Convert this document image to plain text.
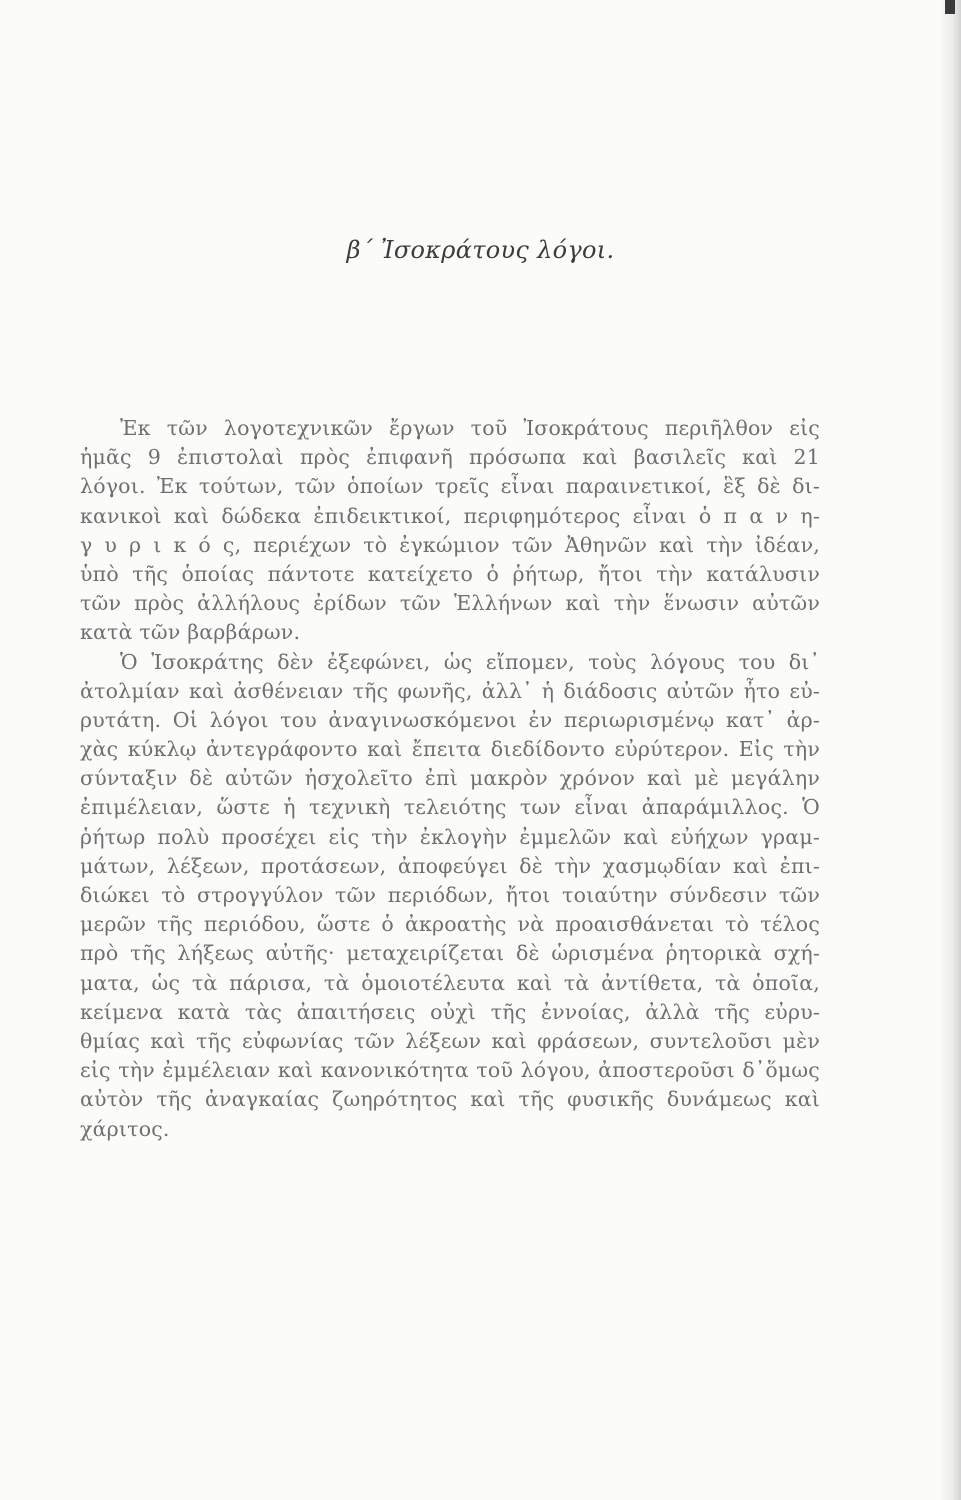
β΄ Ἰσοκράτους λόγοι.
Ἐκ τῶν λογοτεχνικῶν ἔργων τοῦ Ἰσοκράτους περιῆλθον εἰς
ἡμᾶς 9 ἐπιστολαὶ πρὸς ἐπιφανῆ πρόσωπα καὶ βασιλεῖς καὶ 21
λόγοι. Ἐκ τούτων, τῶν ὁποίων τρεῖς εἶναι παραινετικοί, ἓξ δὲ δι-
κανικοὶ καὶ δώδεκα ἐπιδεικτικοί, περιφημότερος εἶναι ὁ π α ν η-
γ υ ρ ι κ ό ς, περιέχων τὸ ἐγκώμιον τῶν Ἀθηνῶν καὶ τὴν ἰδέαν,
ὑπὸ τῆς ὁποίας πάντοτε κατείχετο ὁ ῥήτωρ, ἤτοι τὴν κατάλυσιν
τῶν πρὸς ἀλλήλους ἐρίδων τῶν Ἑλλήνων καὶ τὴν ἕνωσιν αὐτῶν
κατὰ τῶν βαρβάρων.
Ὁ Ἰσοκράτης δὲν ἐξεφώνει, ὡς εἴπομεν, τοὺς λόγους του δι᾽
ἀτολμίαν καὶ ἀσθένειαν τῆς φωνῆς, ἀλλ᾽ ἡ διάδοσις αὐτῶν ἦτο εὐ-
ρυτάτη. Οἱ λόγοι του ἀναγινωσκόμενοι ἐν περιωρισμένῳ κατ᾽ ἀρ-
χὰς κύκλῳ ἀντεγράφοντο καὶ ἔπειτα διεδίδοντο εὐρύτερον. Εἰς τὴν
σύνταξιν δὲ αὐτῶν ἠσχολεῖτο ἐπὶ μακρὸν χρόνον καὶ μὲ μεγάλην
ἐπιμέλειαν, ὥστε ἡ τεχνικὴ τελειότης των εἶναι ἀπαράμιλλος. Ὁ
ῥήτωρ πολὺ προσέχει εἰς τὴν ἐκλογὴν ἐμμελῶν καὶ εὐήχων γραμ-
μάτων, λέξεων, προτάσεων, ἀποφεύγει δὲ τὴν χασμῳδίαν καὶ ἐπι-
διώκει τὸ στρογγύλον τῶν περιόδων, ἤτοι τοιαύτην σύνδεσιν τῶν
μερῶν τῆς περιόδου, ὥστε ὁ ἀκροατὴς νὰ προαισθάνεται τὸ τέλος
πρὸ τῆς λήξεως αὐτῆς· μεταχειρίζεται δὲ ὡρισμένα ῥητορικὰ σχή-
ματα, ὡς τὰ πάρισα, τὰ ὁμοιοτέλευτα καὶ τὰ ἀντίθετα, τὰ ὁποῖα,
κείμενα κατὰ τὰς ἀπαιτήσεις οὐχὶ τῆς ἐννοίας, ἀλλὰ τῆς εὐρυ-
θμίας καὶ τῆς εὐφωνίας τῶν λέξεων καὶ φράσεων, συντελοῦσι μὲν
εἰς τὴν ἐμμέλειαν καὶ κανονικότητα τοῦ λόγου, ἀποστεροῦσι δ᾽ὅμως
αὐτὸν τῆς ἀναγκαίας ζωηρότητος καὶ τῆς φυσικῆς δυνάμεως καὶ
χάριτος.
